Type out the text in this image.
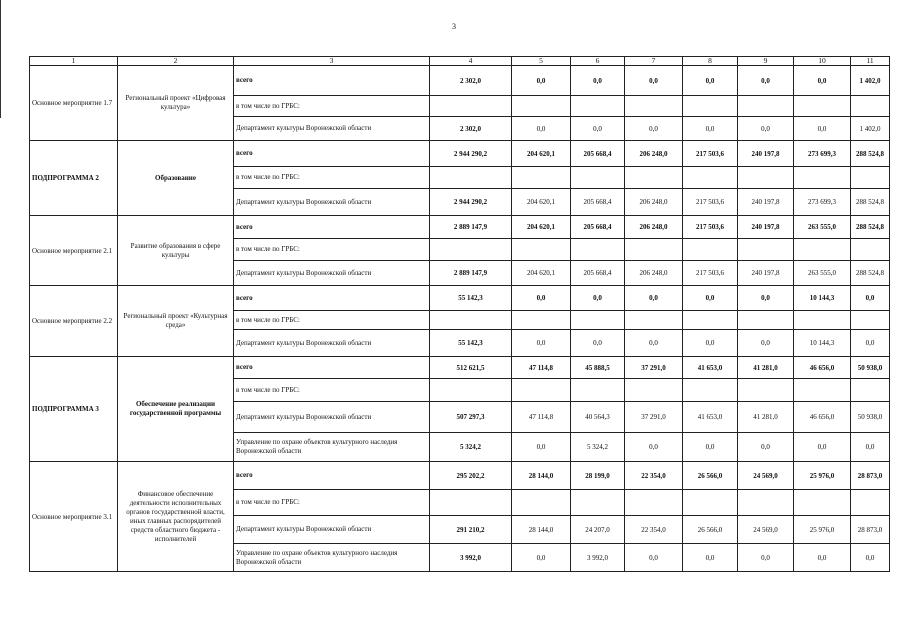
3
1	2	3	4	5	6	7	8	9	10	11
Основное мероприятие 1.7	Региональный проект «Цифровая культура»	всего	2 302,0	0,0	0,0	0,0	0,0	0,0	0,0	1 402,0
		в том числе по ГРБС:								
		Департамент культуры Воронежской области	2 302,0	0,0	0,0	0,0	0,0	0,0	0,0	1 402,0
ПОДПРОГРАММА 2	Образование	всего	2 944 290,2	204 620,1	205 668,4	206 248,0	217 503,6	240 197,8	273 699,3	288 524,8
		в том числе по ГРБС:								
		Департамент культуры Воронежской области	2 944 290,2	204 620,1	205 668,4	206 248,0	217 503,6	240 197,8	273 699,3	288 524,8
Основное мероприятие 2.1	Развитие образования в сфере культуры	всего	2 889 147,9	204 620,1	205 668,4	206 248,0	217 503,6	240 197,8	263 555,0	288 524,8
		в том числе по ГРБС:								
		Департамент культуры Воронежской области	2 889 147,9	204 620,1	205 668,4	206 248,0	217 503,6	240 197,8	263 555,0	288 524,8
Основное мероприятие 2.2	Региональный проект «Культурная среда»	всего	55 142,3	0,0	0,0	0,0	0,0	0,0	10 144,3	0,0
		в том числе по ГРБС:								
		Департамент культуры Воронежской области	55 142,3	0,0	0,0	0,0	0,0	0,0	10 144,3	0,0
ПОДПРОГРАММА 3	Обеспечение реализации государственной программы	всего	512 621,5	47 114,8	45 888,5	37 291,0	41 653,0	41 281,0	46 656,0	50 938,0
		в том числе по ГРБС:								
		Департамент культуры Воронежской области	507 297,3	47 114,8	40 564,3	37 291,0	41 653,0	41 281,0	46 656,0	50 938,0
		Управление по охране объектов культурного наследия Воронежской области	5 324,2	0,0	5 324,2	0,0	0,0	0,0	0,0	0,0
Основное мероприятие 3.1	Финансовое обеспечение деятельности исполнительных органов государственной власти, иных главных распорядителей средств областного бюджета - исполнителей	всего	295 202,2	28 144,0	28 199,0	22 354,0	26 566,0	24 569,0	25 976,0	28 873,0
		в том числе по ГРБС:								
		Департамент культуры Воронежской области	291 210,2	28 144,0	24 207,0	22 354,0	26 566,0	24 569,0	25 976,0	28 873,0
		Управление по охране объектов культурного наследия Воронежской области	3 992,0	0,0	3 992,0	0,0	0,0	0,0	0,0	0,0
